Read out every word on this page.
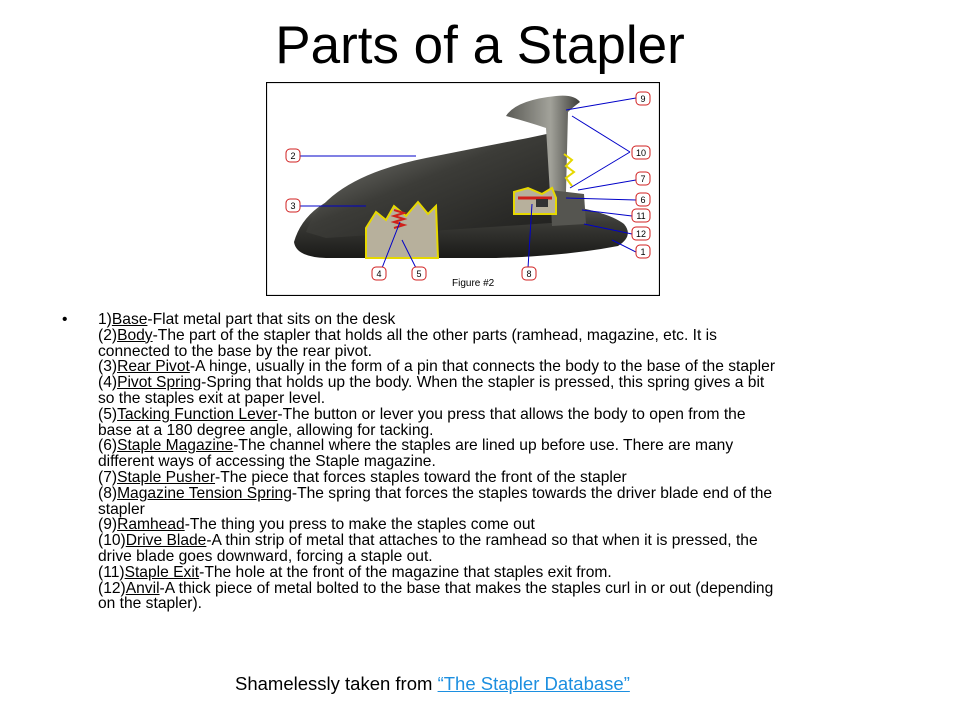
Parts of a Stapler
9
10
7
6
11
12
1
2
3
4	5	8
Figure #2
• 1)Base-Flat metal part that sits on the desk
(2)Body-The part of the stapler that holds all the other parts (ramhead, magazine, etc. It is
connected to the base by the rear pivot.
(3)Rear Pivot-A hinge, usually in the form of a pin that connects the body to the base of the stapler
(4)Pivot Spring-Spring that holds up the body. When the stapler is pressed, this spring gives a bit
so the staples exit at paper level.
(5)Tacking Function Lever-The button or lever you press that allows the body to open from the
base at a 180 degree angle, allowing for tacking.
(6)Staple Magazine-The channel where the staples are lined up before use. There are many
different ways of accessing the Staple magazine.
(7)Staple Pusher-The piece that forces staples toward the front of the stapler
(8)Magazine Tension Spring-The spring that forces the staples towards the driver blade end of the
stapler
(9)Ramhead-The thing you press to make the staples come out
(10)Drive Blade-A thin strip of metal that attaches to the ramhead so that when it is pressed, the
drive blade goes downward, forcing a staple out.
(11)Staple Exit-The hole at the front of the magazine that staples exit from.
(12)Anvil-A thick piece of metal bolted to the base that makes the staples curl in or out (depending
on the stapler).
Shamelessly taken from “The Stapler Database”
